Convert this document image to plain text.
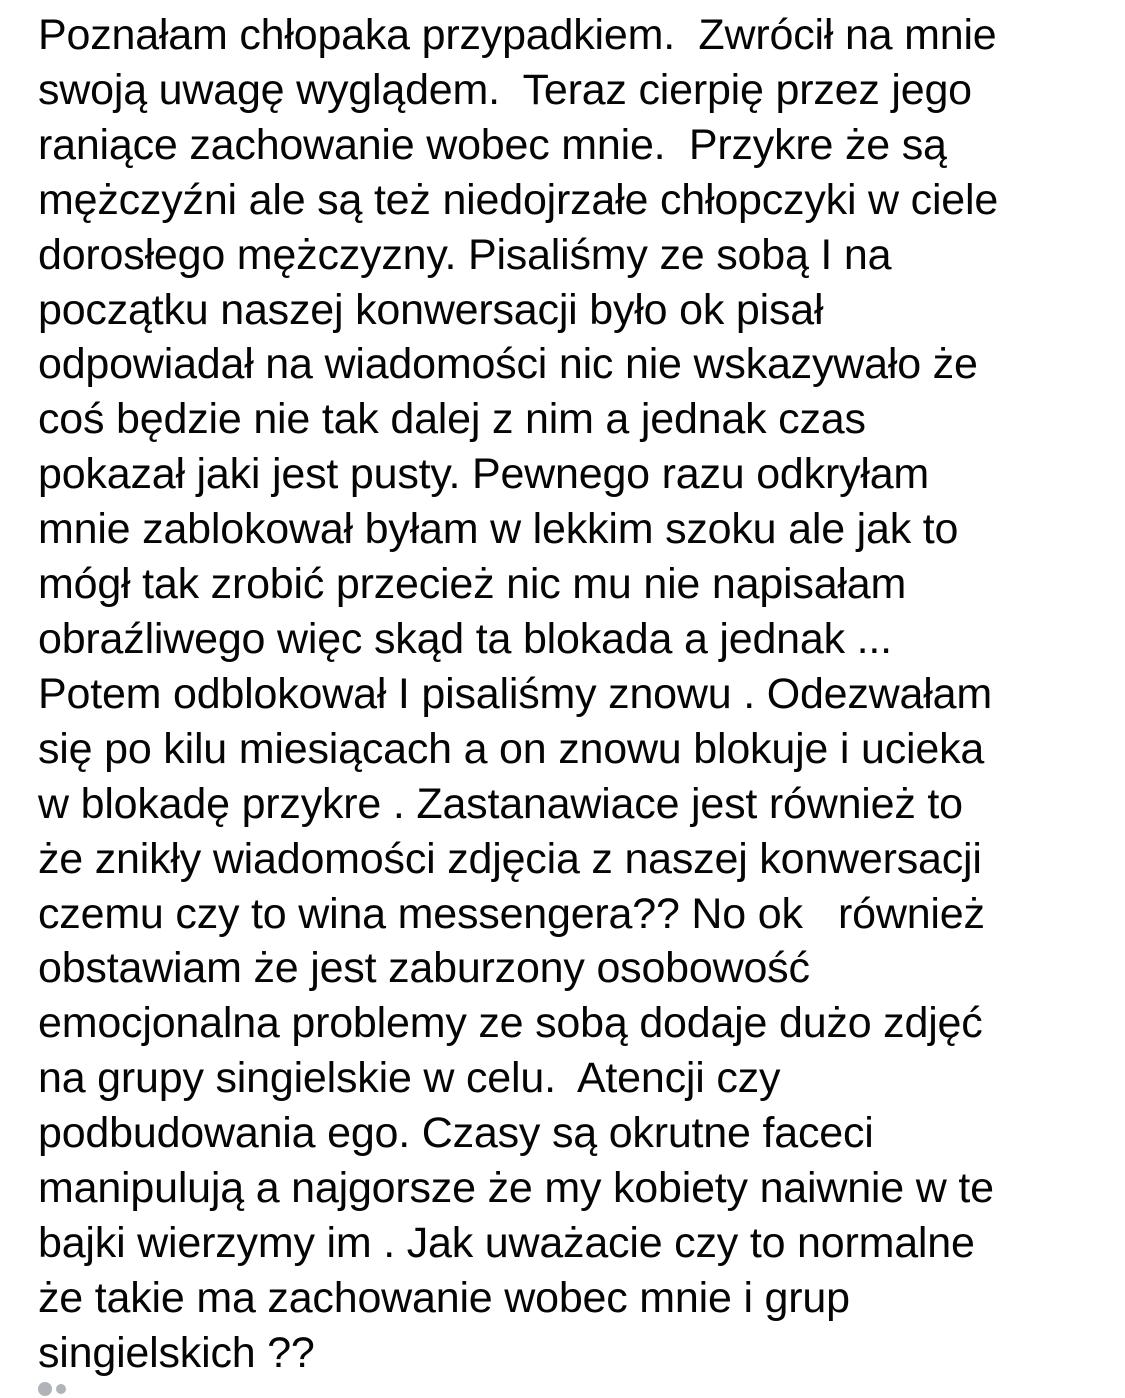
Poznałam chłopaka przypadkiem.  Zwrócił na mnie
swoją uwagę wyglądem.  Teraz cierpię przez jego
raniące zachowanie wobec mnie.  Przykre że są
mężczyźni ale są też niedojrzałe chłopczyki w ciele
dorosłego mężczyzny. Pisaliśmy ze sobą I na
początku naszej konwersacji było ok pisał
odpowiadał na wiadomości nic nie wskazywało że
coś będzie nie tak dalej z nim a jednak czas
pokazał jaki jest pusty. Pewnego razu odkryłam
mnie zablokował byłam w lekkim szoku ale jak to
mógł tak zrobić przecież nic mu nie napisałam
obraźliwego więc skąd ta blokada a jednak ...
Potem odblokował I pisaliśmy znowu . Odezwałam
się po kilu miesiącach a on znowu blokuje i ucieka
w blokadę przykre . Zastanawiace jest również to
że znikły wiadomości zdjęcia z naszej konwersacji
czemu czy to wina messengera?? No ok   również
obstawiam że jest zaburzony osobowość
emocjonalna problemy ze sobą dodaje dużo zdjęć
na grupy singielskie w celu.  Atencji czy
podbudowania ego. Czasy są okrutne faceci
manipulują a najgorsze że my kobiety naiwnie w te
bajki wierzymy im . Jak uważacie czy to normalne
że takie ma zachowanie wobec mnie i grup
singielskich ??
